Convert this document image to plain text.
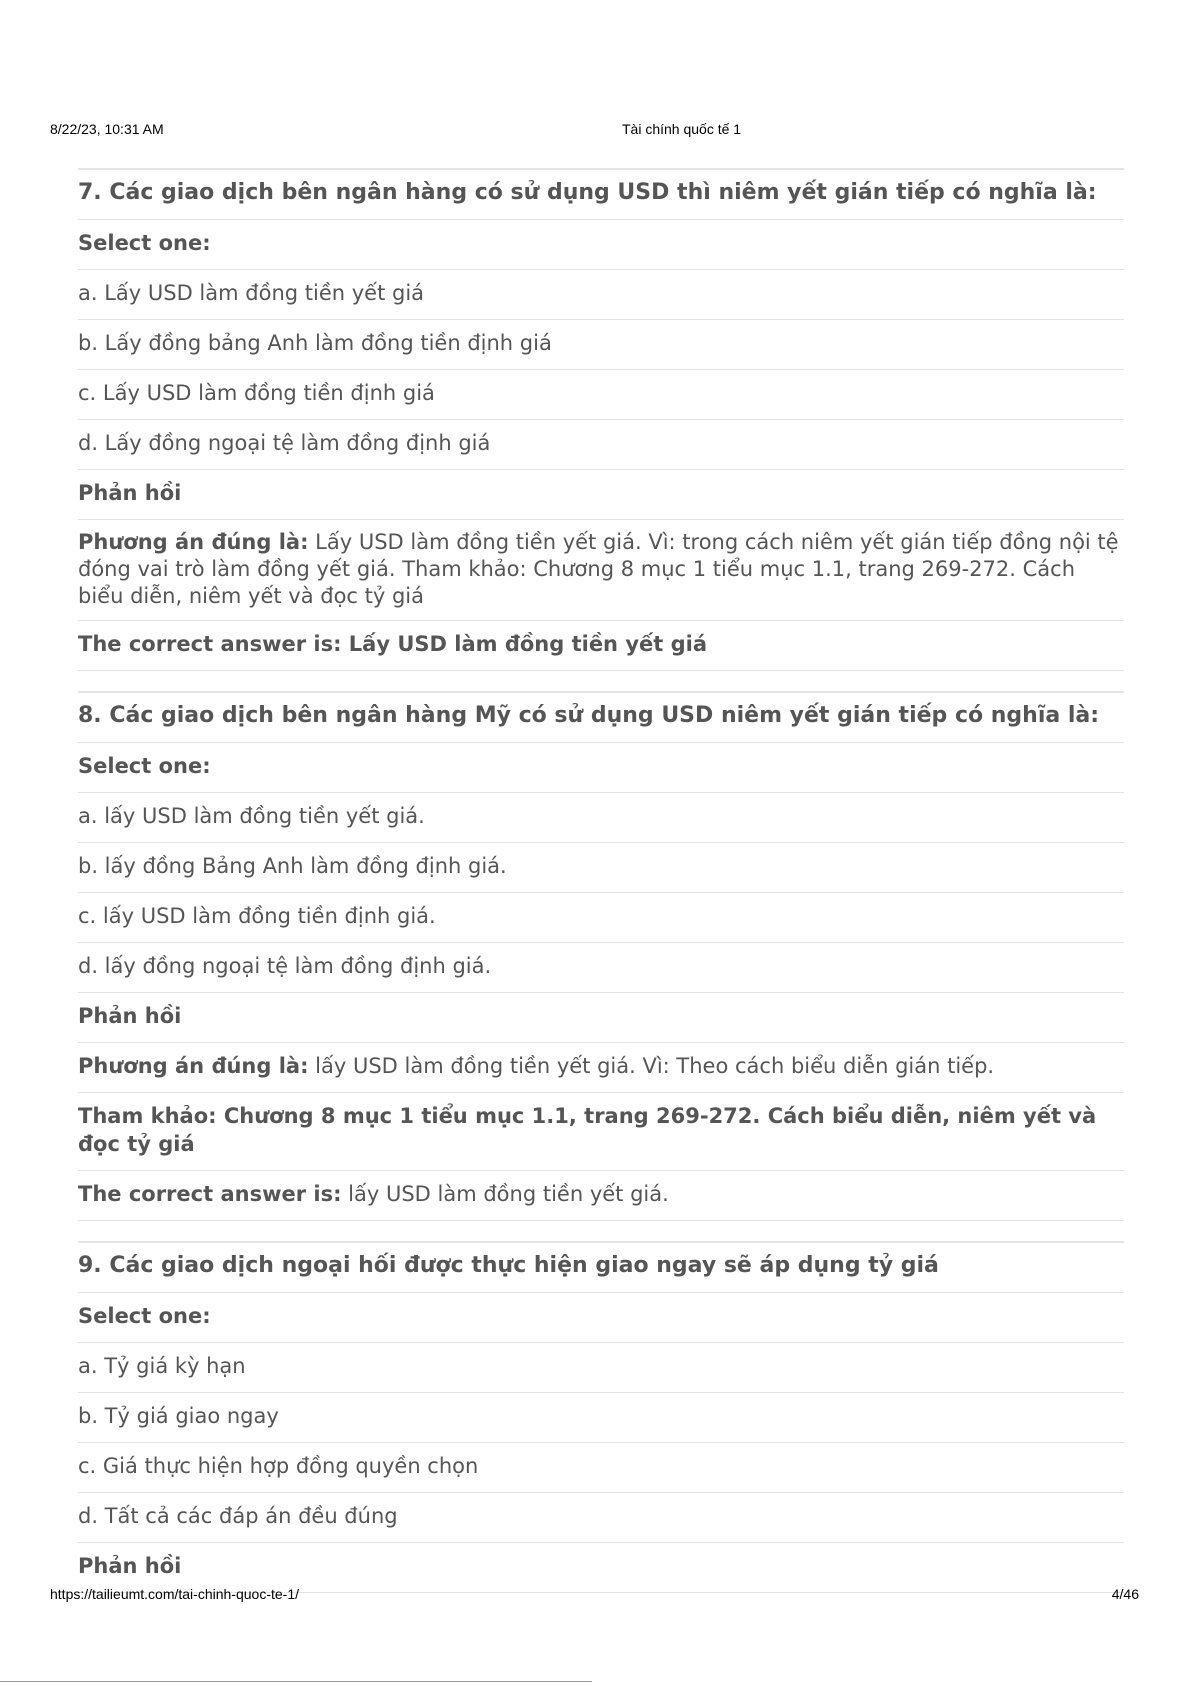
8/22/23, 10:31 AM	Tài chính quốc tế 1
7. Các giao dịch bên ngân hàng có sử dụng USD thì niêm yết gián tiếp có nghĩa là:
Select one:
a. Lấy USD làm đồng tiền yết giá
b. Lấy đồng bảng Anh làm đồng tiền định giá
c. Lấy USD làm đồng tiền định giá
d. Lấy đồng ngoại tệ làm đồng định giá
Phản hồi
Phương án đúng là: Lấy USD làm đồng tiền yết giá. Vì: trong cách niêm yết gián tiếp đồng nội tệ đóng vai trò làm đồng yết giá. Tham khảo: Chương 8 mục 1 tiểu mục 1.1, trang 269-272. Cách biểu diễn, niêm yết và đọc tỷ giá
The correct answer is: Lấy USD làm đồng tiền yết giá
8. Các giao dịch bên ngân hàng Mỹ có sử dụng USD niêm yết gián tiếp có nghĩa là:
Select one:
a. lấy USD làm đồng tiền yết giá.
b. lấy đồng Bảng Anh làm đồng định giá.
c. lấy USD làm đồng tiền định giá.
d. lấy đồng ngoại tệ làm đồng định giá.
Phản hồi
Phương án đúng là: lấy USD làm đồng tiền yết giá. Vì: Theo cách biểu diễn gián tiếp.
Tham khảo: Chương 8 mục 1 tiểu mục 1.1, trang 269-272. Cách biểu diễn, niêm yết và đọc tỷ giá
The correct answer is: lấy USD làm đồng tiền yết giá.
9. Các giao dịch ngoại hối được thực hiện giao ngay sẽ áp dụng tỷ giá
Select one:
a. Tỷ giá kỳ hạn
b. Tỷ giá giao ngay
c. Giá thực hiện hợp đồng quyền chọn
d. Tất cả các đáp án đều đúng
Phản hồi
https://tailieumt.com/tai-chinh-quoc-te-1/	4/46
